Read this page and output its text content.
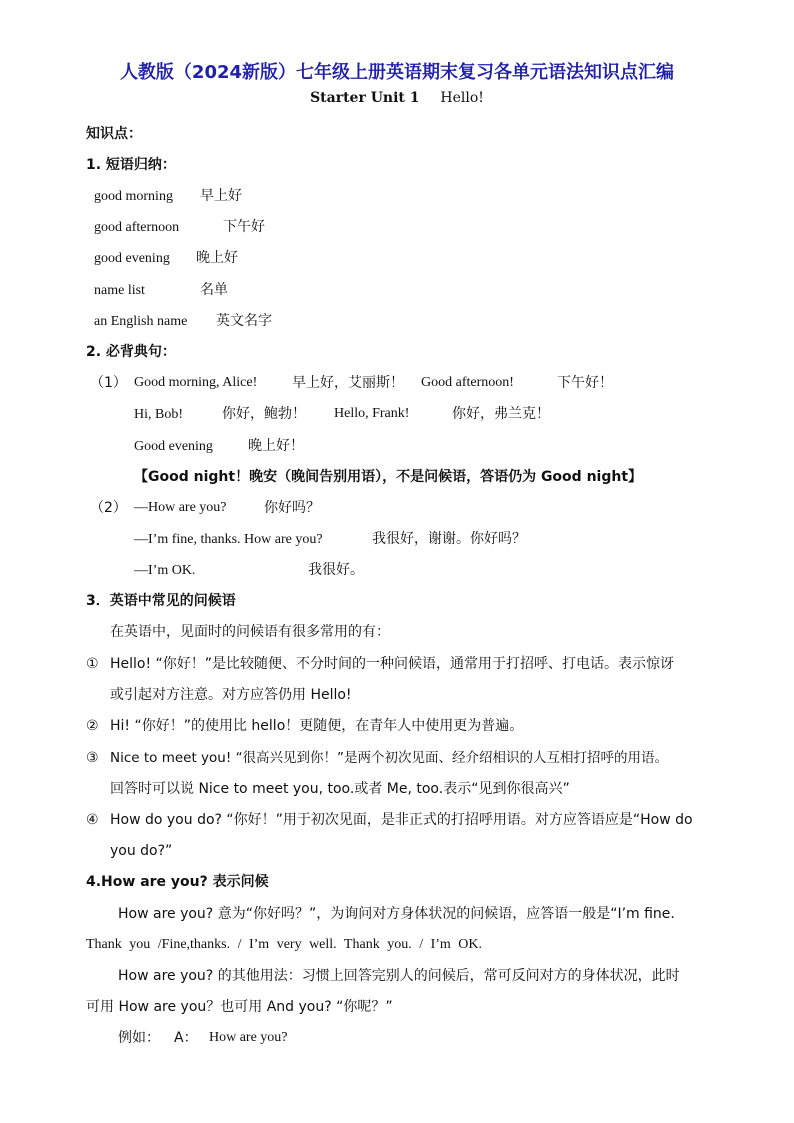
人教版（2024新版）七年级上册英语期末复习各单元语法知识点汇编
Starter Unit 1 Hello!
知识点：
1. 短语归纳：
good morning 早上好
good afternoon	下午好
good evening 晚上好
name list	名单
an English name 英文名字
2. 必背典句：
（1） Good morning, Alice! 早上好，艾丽斯！ Good afternoon!	下午好！
Hi, Bob!	你好，鲍勃！ Hello, Frank!	你好，弗兰克！
Good evening	晚上好！
【Good night！晚安（晚间告别用语），不是问候语，答语仍为 Good night】
（2） —How are you?	你好吗？
—I’m fine, thanks. How are you?	我很好，谢谢。你好吗？
—I’m OK.	我很好。
3．英语中常见的问候语
在英语中，见面时的问候语有很多常用的有：
① Hello! “你好！”是比较随便、不分时间的一种问候语，通常用于打招呼、打电话。表示惊讶
或引起对方注意。对方应答仍用 Hello!
② Hi! “你好！”的使用比 hello！更随便，在青年人中使用更为普遍。
③ Nice to meet you! “很高兴见到你！”是两个初次见面、经介绍相识的人互相打招呼的用语。
回答时可以说 Nice to meet you, too.或者 Me, too.表示“见到你很高兴”
④ How do you do? “你好！”用于初次见面，是非正式的打招呼用语。对方应答语应是“How do
you do?”
4.How are you? 表示问候
How are you? 意为“你好吗？”，为询问对方身体状况的问候语，应答语一般是“I’m fine.
Thank you /Fine,thanks. / I’m very well. Thank you. / I’m OK.
How are you? 的其他用法：习惯上回答完别人的问候后，常可反问对方的身体状况，此时
可用 How are you？也可用 And you? “你呢？”
例如： A： How are you?
